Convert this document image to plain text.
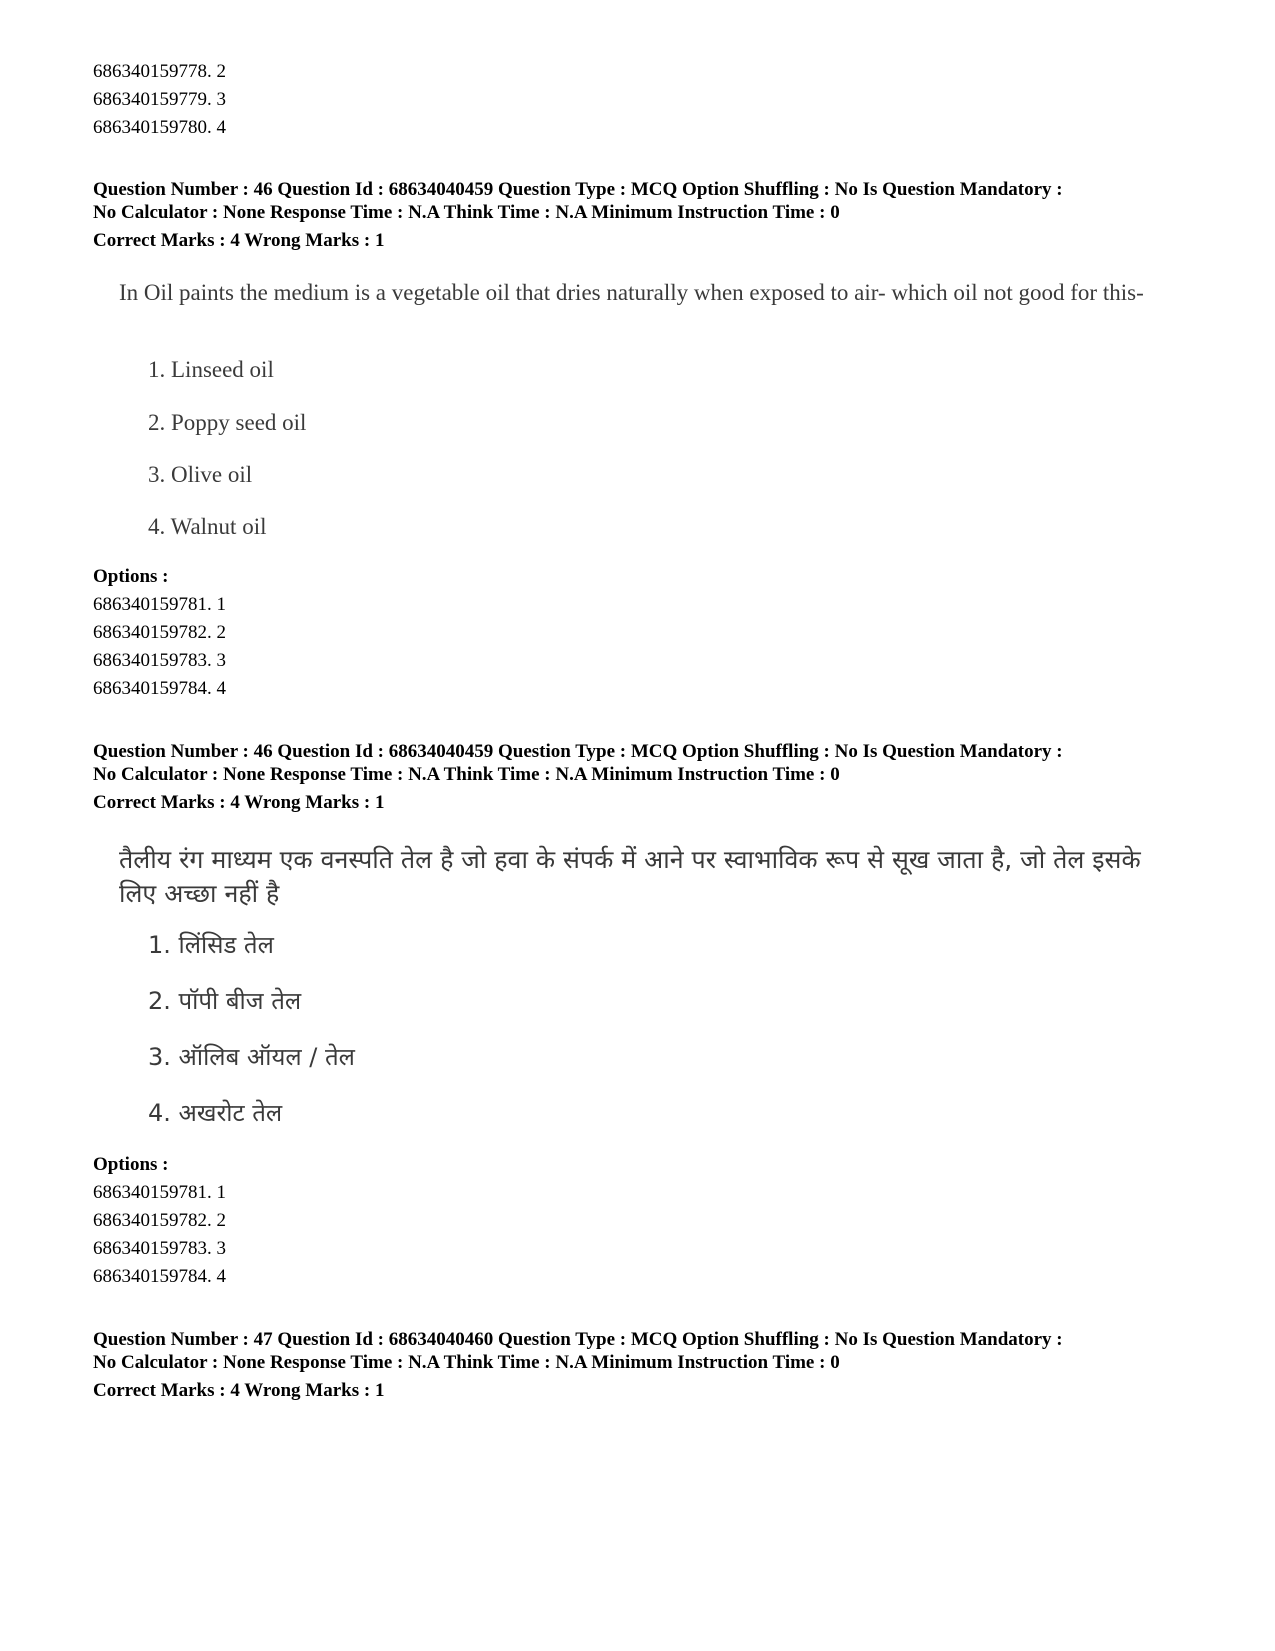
686340159778. 2
686340159779. 3
686340159780. 4
Question Number : 46 Question Id : 68634040459 Question Type : MCQ Option Shuffling : No Is Question Mandatory :
No Calculator : None Response Time : N.A Think Time : N.A Minimum Instruction Time : 0
Correct Marks : 4 Wrong Marks : 1
In Oil paints the medium is a vegetable oil that dries naturally when exposed to air- which oil not good for this-
1. Linseed oil
2. Poppy seed oil
3. Olive oil
4. Walnut oil
Options :
686340159781. 1
686340159782. 2
686340159783. 3
686340159784. 4
Question Number : 46 Question Id : 68634040459 Question Type : MCQ Option Shuffling : No Is Question Mandatory :
No Calculator : None Response Time : N.A Think Time : N.A Minimum Instruction Time : 0
Correct Marks : 4 Wrong Marks : 1
तैलीय रंग माध्यम एक वनस्पति तेल है जो हवा के संपर्क में आने पर स्वाभाविक रूप से सूख जाता है, जो तेल इसके लिए अच्छा नहीं है
1. लिंसिड तेल
2. पॉपी बीज तेल
3. ऑलिब ऑयल / तेल
4. अखरोट तेल
Options :
686340159781. 1
686340159782. 2
686340159783. 3
686340159784. 4
Question Number : 47 Question Id : 68634040460 Question Type : MCQ Option Shuffling : No Is Question Mandatory :
No Calculator : None Response Time : N.A Think Time : N.A Minimum Instruction Time : 0
Correct Marks : 4 Wrong Marks : 1
